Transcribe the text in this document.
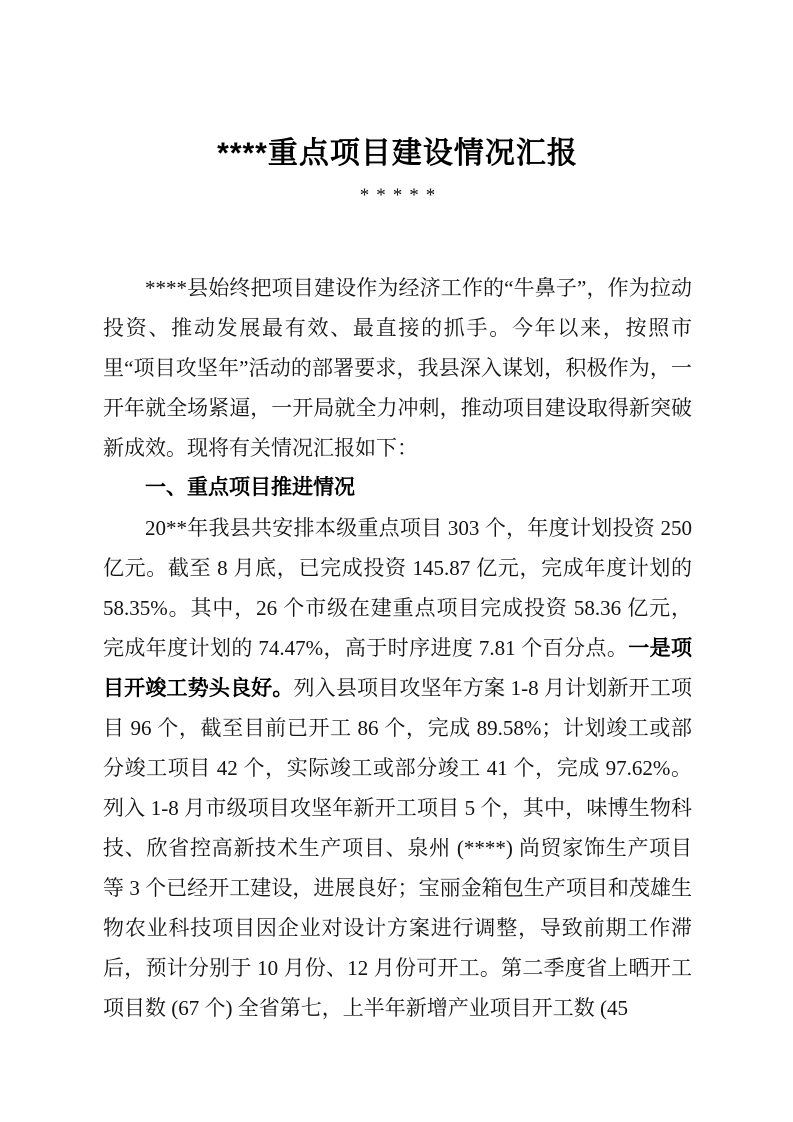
****重点项目建设情况汇报
*****

****县始终把项目建设作为经济工作的“牛鼻子”，作为拉动投资、推动发展最有效、最直接的抓手。今年以来，按照市里“项目攻坚年”活动的部署要求，我县深入谋划，积极作为，一开年就全场紧逼，一开局就全力冲刺，推动项目建设取得新突破新成效。现将有关情况汇报如下：

一、重点项目推进情况

20**年我县共安排本级重点项目 303 个，年度计划投资 250 亿元。截至 8 月底，已完成投资 145.87 亿元，完成年度计划的 58.35%。其中，26 个市级在建重点项目完成投资 58.36 亿元，完成年度计划的 74.47%，高于时序进度 7.81 个百分点。一是项目开竣工势头良好。列入县项目攻坚年方案 1-8 月计划新开工项目 96 个，截至目前已开工 86 个，完成 89.58%；计划竣工或部分竣工项目 42 个，实际竣工或部分竣工 41 个，完成 97.62%。列入 1-8 月市级项目攻坚年新开工项目 5 个，其中，味博生物科技、欣省控高新技术生产项目、泉州 (****) 尚贸家饰生产项目等 3 个已经开工建设，进展良好；宝丽金箱包生产项目和茂雄生物农业科技项目因企业对设计方案进行调整，导致前期工作滞后，预计分别于 10 月份、12 月份可开工。第二季度省上晒开工项目数 (67 个) 全省第七，上半年新增产业项目开工数 (45
